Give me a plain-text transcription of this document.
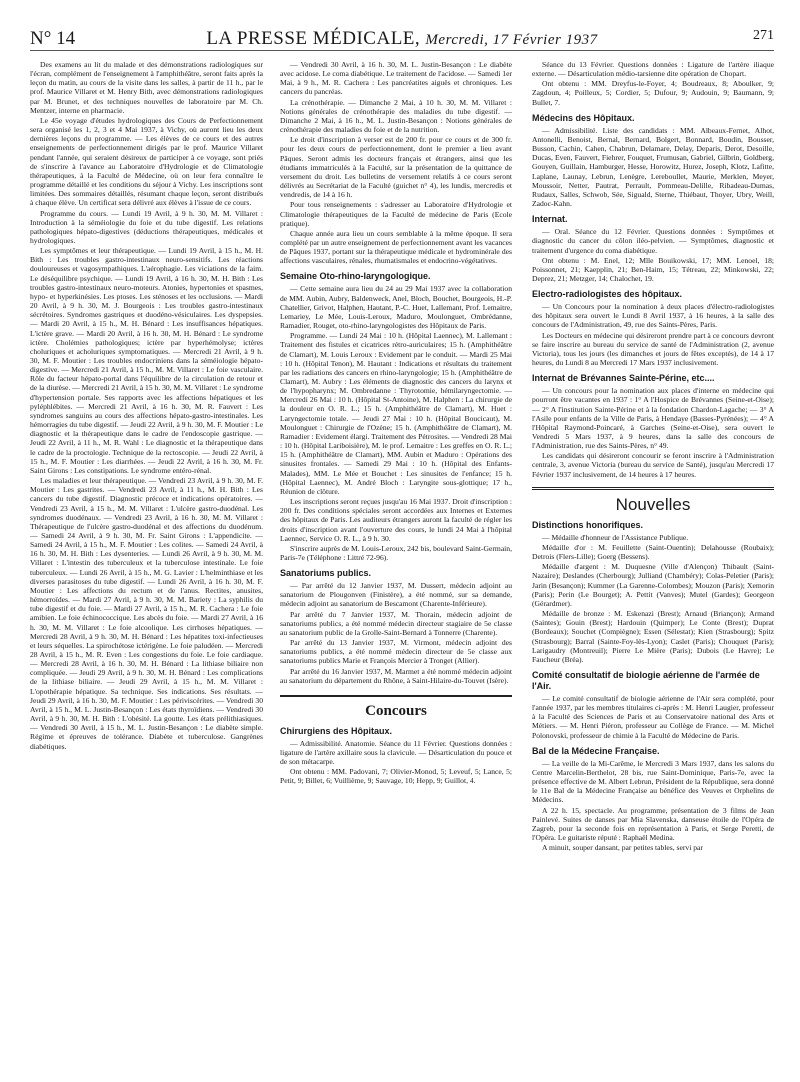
N° 14	LA PRESSE MÉDICALE, Mercredi, 17 Février 1937	271

Des examens au lit du malade et des démonstrations radiologiques sur l'écran, complément de l'enseignement à l'amphithéâtre, seront faits après la leçon du matin, au cours de la visite dans les salles, à partir de 11 h., par le prof. Maurice Villaret et M. Henry Bith, avec démonstrations radiologiques par M. Brunet, et des techniques nouvelles de laboratoire par M. Ch. Mentzer, interne en pharmacie.

Le 45e voyage d'études hydrologiques des Cours de Perfectionnement sera organisé les 1, 2, 3 et 4 Mai 1937, à Vichy, où auront lieu les deux dernières leçons du programme. — Les élèves de ce cours et des autres enseignements de perfectionnement dirigés par le prof. Maurice Villaret pendant l'année, qui seraient désireux de participer à ce voyage, sont priés de s'inscrire à l'avance au Laboratoire d'Hydrologie et de Climatologie thérapeutiques, à la Faculté de Médecine, où on leur fera connaître le programme détaillé et les conditions du séjour à Vichy. Les inscriptions sont limitées. Des sommaires détaillés, résumant chaque leçon, seront distribués à chaque élève. Un certificat sera délivré aux élèves à l'issue de ce cours.

Programme du cours. — Lundi 19 Avril, à 9 h. 30, M. M. Villaret : Introduction à la séméiologie du foie et du tube digestif. Les relations pathologiques hépato-digestives (déductions thérapeutiques, médicales et hydrologiques.

Les symptômes et leur thérapeutique. — Lundi 19 Avril, à 15 h., M. H. Bith : Les troubles gastro-intestinaux neuro-sensitifs. Les réactions douloureuses et vagosympathiques. L'aérophagie. Les viciations de la faim. Le déséquilibre psychique. — Lundi 19 Avril, à 16 h. 30, M. H. Bith : Les troubles gastro-intestinaux neuro-moteurs. Atonies, hypertonies et spasmes, hypo- et hyperkinésies. Les ptoses. Les sténoses et les occlusions. — Mardi 20 Avril, à 9 h. 30, M. J. Bourgeois : Les troubles gastro-intestinaux sécrétoires. Syndromes gastriques et duodéno-vésiculaires. Les dyspepsies. — Mardi 20 Avril, à 15 h., M. H. Bénard : Les insuffisances hépatiques. L'ictère grave. — Mardi 20 Avril, à 16 h. 30, M. H. Bénard : Le syndrome ictère. Cholémies pathologiques; ictère par hyperhémolyse; ictères choluriques et acholuriques symptomatiques. — Mercredi 21 Avril, à 9 h. 30, M. F. Moutier : Les troubles endocriniens dans la séméiologie hépato-digestive. — Mercredi 21 Avril, à 15 h., M. M. Villaret : Le foie vasculaire. Rôle du facteur hépato-portal dans l'équilibre de la circulation de retour et de la diurèse. — Mercredi 21 Avril, à 15 h. 30, M. M. Villaret : Le syndrome d'hypertension portale. Ses rapports avec les affections hépatiques et les pyléphlébites. — Mercredi 21 Avril, à 16 h. 30, M. R. Fauvert : Les syndromes sanguins au cours des affections hépato-gastro-intestinales. Les hémorragies du tube digestif. — Jeudi 22 Avril, à 9 h. 30, M. F. Moutier : Le diagnostic et la thérapeutique dans le cadre de l'endoscopie gastrique. — Jeudi 22 Avril, à 11 h., M. R. Wahl : Le diagnostic et la thérapeutique dans le cadre de la proctologie. Technique de la rectoscopie. — Jeudi 22 Avril, à 15 h., M. F. Moutier : Les diarrhées. — Jeudi 22 Avril, à 16 h. 30, M. Fr. Saint Girons : Les constipations. Le syndrome entéro-rénal.

Les maladies et leur thérapeutique. — Vendredi 23 Avril, à 9 h. 30, M. F. Moutier : Les gastrites. — Vendredi 23 Avril, à 11 h., M. H. Bith : Les cancers du tube digestif. Diagnostic précoce et indications opératoires. — Vendredi 23 Avril, à 15 h., M. M. Villaret : L'ulcère gastro-duodénal. Les syndromes duodénaux. — Vendredi 23 Avril, à 16 h. 30, M. M. Villaret : Thérapeutique de l'ulcère gastro-duodénal et des affections du duodénum. — Samedi 24 Avril, à 9 h. 30, M. Fr. Saint Girons : L'appendicite. — Samedi 24 Avril, à 15 h., M. F. Moutier : Les colites. — Samedi 24 Avril, à 16 h. 30, M. H. Bith : Les dysenteries. — Lundi 26 Avril, à 9 h. 30, M. M. Villaret : L'intestin des tuberculeux et la tuberculose intestinale. Le foie tuberculeux. — Lundi 26 Avril, à 15 h., M. G. Lavier : L'helminthiase et les diverses parasitoses du tube digestif. — Lundi 26 Avril, à 16 h. 30, M. F. Moutier : Les affections du rectum et de l'anus. Rectites, anusites, hémorroïdes. — Mardi 27 Avril, à 9 h. 30, M. M. Bariety : La syphilis du tube digestif et du foie. — Mardi 27 Avril, à 15 h., M. R. Cachera : Le foie amibien. Le foie échinococcique. Les abcès du foie. — Mardi 27 Avril, à 16 h. 30, M. M. Villaret : Le foie alcoolique. Les cirrhoses hépatiques. — Mercredi 28 Avril, à 9 h. 30, M. H. Bénard : Les hépatites toxi-infectieuses et leurs séquelles. La spirochétose ictérigène. Le foie paludéen. — Mercredi 28 Avril, à 15 h., M. R. Even : Les congestions du foie. Le foie cardiaque. — Mercredi 28 Avril, à 16 h. 30, M. H. Bénard : La lithiase biliaire non compliquée. — Jeudi 29 Avril, à 9 h. 30, M. H. Bénard : Les complications de la lithiase biliaire. — Jeudi 29 Avril, à 15 h., M. M. Villaret : L'opothérapie hépatique. Sa technique. Ses indications. Ses résultats. — Jeudi 29 Avril, à 16 h. 30, M. F. Moutier : Les périviscérites. — Vendredi 30 Avril, à 15 h., M. L. Justin-Besançon : Les états thyroïdiens. — Vendredi 30 Avril, à 9 h. 30, M. H. Bith : L'obésité. La goutte. Les états prélithiasiques. — Vendredi 30 Avril, à 15 h., M. L. Justin-Besançon : Le diabète simple. Régime et épreuves de tolérance. Diabète et tuberculose. Gangrènes diabétiques.

— Vendredi 30 Avril, à 16 h. 30, M. L. Justin-Besançon : Le diabète avec acidose. Le coma diabétique. Le traitement de l'acidose. — Samedi 1er Mai, à 9 h., M. R. Cachera : Les pancréatites aiguës et chroniques. Les cancers du pancréas.

La crénothérapie. — Dimanche 2 Mai, à 10 h. 30, M. M. Villaret : Notions générales de crénothérapie des maladies du tube digestif. — Dimanche 2 Mai, à 16 h., M. L. Justin-Besançon : Notions générales de crénothérapie des maladies du foie et de la nutrition.

Le droit d'inscription à verser est de 200 fr. pour ce cours et de 300 fr. pour les deux cours de perfectionnement, dont le premier a lieu avant Pâques. Seront admis les docteurs français et étrangers, ainsi que les étudiants immatriculés à la Faculté, sur la présentation de la quittance de versement du droit. Les bulletins de versement relatifs à ce cours seront délivrés au Secrétariat de la Faculté (guichet n° 4), les lundis, mercredis et vendredis, de 14 à 16 h.

Pour tous renseignements : s'adresser au Laboratoire d'Hydrologie et Climatologie thérapeutiques de la Faculté de médecine de Paris (Ecole pratique).

Chaque année aura lieu un cours semblable à la même époque. Il sera complété par un autre enseignement de perfectionnement avant les vacances de Pâques 1937, portant sur la thérapeutique médicale et hydrominérale des affections vasculaires, rénales, rhumatismales et endocrino-végétatives.

Semaine Oto-rhino-laryngologique.

— Cette semaine aura lieu du 24 au 29 Mai 1937 avec la collaboration de MM. Aubin, Aubry, Baldenweck, Anel, Bloch, Bouchet, Bourgeois, H.-P. Chatellier, Grivot, Halphen, Hautant, P.-C. Huet, Lallemant, Prof. Lemaitre, Lemariey, Le Mée, Louis-Leroux, Maduro, Moulonguet, Ombrédanne, Ramadier, Rouget, oto-rhino-laryngologistes des Hôpitaux de Paris.

Programme. — Lundi 24 Mai : 10 h. (Hôpital Laennec), M. Lallemant : Traitement des fistules et cicatrices rétro-auriculaires; 15 h. (Amphithéâtre de Clamart), M. Louis Leroux : Evidement par le conduit. — Mardi 25 Mai : 10 h. (Hôpital Tenon), M. Hautant : Indications et résultats du traitement par les radiations des cancers en rhino-laryngologie; 15 h. (Amphithéâtre de Clamart), M. Aubry : Les éléments de diagnostic des cancers du larynx et de l'hypopharynx; M. Ombredanne : Thyrotomie, hémilaryngectomie. — Mercredi 26 Mai : 10 h. (Hôpital St-Antoine), M. Halphen : La chirurgie de la douleur en O. R. L.; 15 h. (Amphithéâtre de Clamart), M. Huet : Laryngectomie totale. — Jeudi 27 Mai : 10 h. (Hôpital Boucicaut), M. Moulonguet : Chirurgie de l'Ozène; 15 h. (Amphithéâtre de Clamart), M. Ramadier : Evidement élargi. Traitement des Pétrosites. — Vendredi 28 Mai : 10 h. (Hôpital Lariboisière), M. le prof. Lemaitre : Les greffes en O. R. L.; 15 h. (Amphithéâtre de Clamart), MM. Aubin et Maduro : Opérations des sinusites frontales. — Samedi 29 Mai : 10 h. (Hôpital des Enfants-Malades), MM. Le Mée et Bouchet : Les sinusites de l'enfance; 15 h. (Hôpital Laennec), M. André Bloch : Laryngite sous-glottique; 17 h., Réunion de clôture.

Les inscriptions seront reçues jusqu'au 16 Mai 1937. Droit d'inscription : 200 fr. Des conditions spéciales seront accordées aux Internes et Externes des hôpitaux de Paris. Les auditeurs étrangers auront la faculté de régler les droits d'inscription avant l'ouverture des cours, le lundi 24 Mai à l'hôpital Laennec, Service O. R. L., à 9 h. 30.

S'inscrire auprès de M. Louis-Leroux, 242 bis, boulevard Saint-Germain, Paris-7e (Téléphone : Littré 72-96).

Sanatoriums publics.

— Par arrêté du 12 Janvier 1937, M. Dussert, médecin adjoint au sanatorium de Plougonven (Finistère), a été nommé, sur sa demande, médecin adjoint au sanatorium de Bescamont (Charente-Inférieure).

Par arrêté du 7 Janvier 1937, M. Thorain, médecin adjoint de sanatoriums publics, a été nommé médecin directeur stagiaire de 5e classe au sanatorium public de la Grolle-Saint-Bernard à Tonnerre (Charente).

Par arrêté du 13 Janvier 1937, M. Virmont, médecin adjoint des sanatoriums publics, a été nommé médecin directeur de 5e classe aux sanatoriums publics Marie et François Mercier à Tronget (Allier).

Par arrêté du 16 Janvier 1937, M. Marmet a été nommé médecin adjoint au sanatorium du département du Rhône, à Saint-Hilaire-du-Touvet (Isère).

Concours
Chirurgiens des Hôpitaux.

— Admissibilité. Anatomie. Séance du 11 Février. Questions données : ligature de l'artère axillaire sous la clavicule. — Désarticulation du pouce et de son métacarpe.

Ont obtenu : MM. Padovani, 7; Olivier-Monod, 5; Leveuf, 5; Lance, 5; Petit, 9; Billet, 6; Vuillième, 9; Sauvage, 10; Hepp, 9; Guillot, 4.

Séance du 13 Février. Questions données : Ligature de l'artère iliaque externe. — Désarticulation médio-tarsienne dite opération de Chopart.

Ont obtenu : MM. Dreyfus-le-Foyer, 4; Boudreaux, 8; Aboulker, 9; Zagdoun, 4; Poilleux, 5; Cordier, 5; Dufour, 9; Audouin, 9; Baumann, 9; Bullet, 7.

Médecins des Hôpitaux.

— Admissibilité. Liste des candidats : MM. Albeaux-Fernet, Alhot, Antonelli, Benoist, Bernal, Bernard, Bolgert, Bonnard, Boudin, Bousser, Busson, Cachin, Cahen, Chabrun, Delamare, Delay, Deparis, Derot, Desoille, Ducas, Even, Fauvert, Fiehrer, Fouquet, Frumusan, Gabriel, Gilbrin, Goldberg, Gouyen, Guillain, Hamburger, Hesse, Horowitz, Hurez, Joseph, Klotz, Lafitte, Laplane, Launay, Lebrun, Lenègre, Lereboullet, Maurie, Merklen, Meyer, Moussoir, Netter, Pautrat, Perrault, Pommeau-Delille, Ribadeau-Dumas, Rudaux, Salles, Schwob, Sée, Siguald, Sterne, Thiébaut, Thoyer, Ubry, Weill, Zadoc-Kahn.

Internat.

— Oral. Séance du 12 Février. Questions données : Symptômes et diagnostic du cancer du côlon iléo-pelvien. — Symptômes, diagnostic et traitement d'urgence du coma diabétique.

Ont obtenu : M. Enel, 12; Mlle Bouikowski, 17; MM. Lenoel, 18; Poissonnet, 21; Kaepplin, 21; Ben-Haim, 15; Tétreau, 22; Minkowski, 22; Deprez, 21; Metzger, 14; Chalochet, 19.

Electro-radiologistes des hôpitaux.

— Un Concours pour la nomination à deux places d'électro-radiologistes des hôpitaux sera ouvert le Lundi 8 Avril 1937, à 16 heures, à la salle des concours de l'Administration, 49, rue des Saints-Pères, Paris.

Les Docteurs en médecine qui désireront prendre part à ce concours devront se faire inscrire au bureau du service de santé de l'Administration (2, avenue Victoria), tous les jours (les dimanches et jours de fêtes exceptés), de 14 à 17 heures, du Lundi 8 au Mercredi 17 Mars 1937 inclusivement.

Internat de Brévannes Sainte-Périne, etc....

— Un concours pour la nomination aux places d'interne en médecine qui pourront être vacantes en 1937 : 1° A l'Hospice de Brévannes (Seine-et-Oise); — 2° A l'institution Sainte-Périne et à la fondation Chardon-Lagache; — 3° A l'Asile pour enfants de la Ville de Paris, à Hendaye (Basses-Pyrénées); — 4° A l'Hôpital Raymond-Poincaré, à Garches (Seine-et-Oise), sera ouvert le Vendredi 5 Mars 1937, à 9 heures, dans la salle des concours de l'Administration, rue des Saints-Pères, n° 49.

Les candidats qui désireront concourir se feront inscrire à l'Administration centrale, 3, avenue Victoria (bureau du service de Santé), jusqu'au Mercredi 17 Février 1937 inclusivement, de 14 heures à 17 heures.

Nouvelles
Distinctions honorifiques.

— Médaille d'honneur de l'Assistance Publique.

Médaille d'or : M. Feuillette (Saint-Ouentin); Delahousse (Roubaix); Detrois (Flers-Lille); Goerg (Bessens).

Médaille d'argent : M. Duquesne (Ville d'Alençon) Thibault (Saint-Nazaire); Deslandes (Cherbourg); Julliand (Chambéry); Colas-Peletier (Paris); Jarin (Besançon); Kummer (La Garenne-Colombes); Mouzon (Paris); Xemorin (Paris); Perin (Le Bourget); A. Pettit (Vanves); Mutel (Gardes); Georgeon (Gérardmer).

Médaille de bronze : M. Eskenazi (Brest); Arnaud (Briançon); Armand (Saintes); Gouin (Brest); Hardouin (Quimper); Le Conte (Brest); Duprat (Bordeaux); Souchet (Compiègne); Essen (Sélestat); Kien (Strasbourg); Spitz (Strasbourg); Barral (Sainte-Foy-lès-Lyon); Caslet (Paris); Chouquet (Paris); Larigaudry (Montreuil); Pierre Le Mière (Paris); Dubois (Le Havre); Le Faucheur (Bréa).

Comité consultatif de biologie aérienne de l'armée de l'Air.

— Le comité consultatif de biologie aérienne de l'Air sera complété, pour l'année 1937, par les membres titulaires ci-après : M. Henri Laugier, professeur à la Faculté des Sciences de Paris et au Conservatoire national des Arts et Métiers. — M. Henri Piéron, professeur au Collège de France. — M. Michel Polonovski, professeur de chimie à la Faculté de Médecine de Paris.

Bal de la Médecine Française.

— La veille de la Mi-Carême, le Mercredi 3 Mars 1937, dans les salons du Centre Marcelin-Berthelot, 28 bis, rue Saint-Dominique, Paris-7e, avec la présence effective de M. Albert Lebrun, Président de la République, sera donné le 11e Bal de la Médecine Française au bénéfice des Veuves et Orphelins de Médecins.

A 22 h. 15, spectacle. Au programme, présentation de 3 films de Jean Painlevé. Suites de danses par Mia Slavenska, danseuse étoile de l'Opéra de Zagreb, pour la seconde fois en représentation à Paris, et Serge Peretti, de l'Opéra. Le guitariste réputé : Raphaël Medina.

A minuit, souper dansant, par petites tables, servi par
